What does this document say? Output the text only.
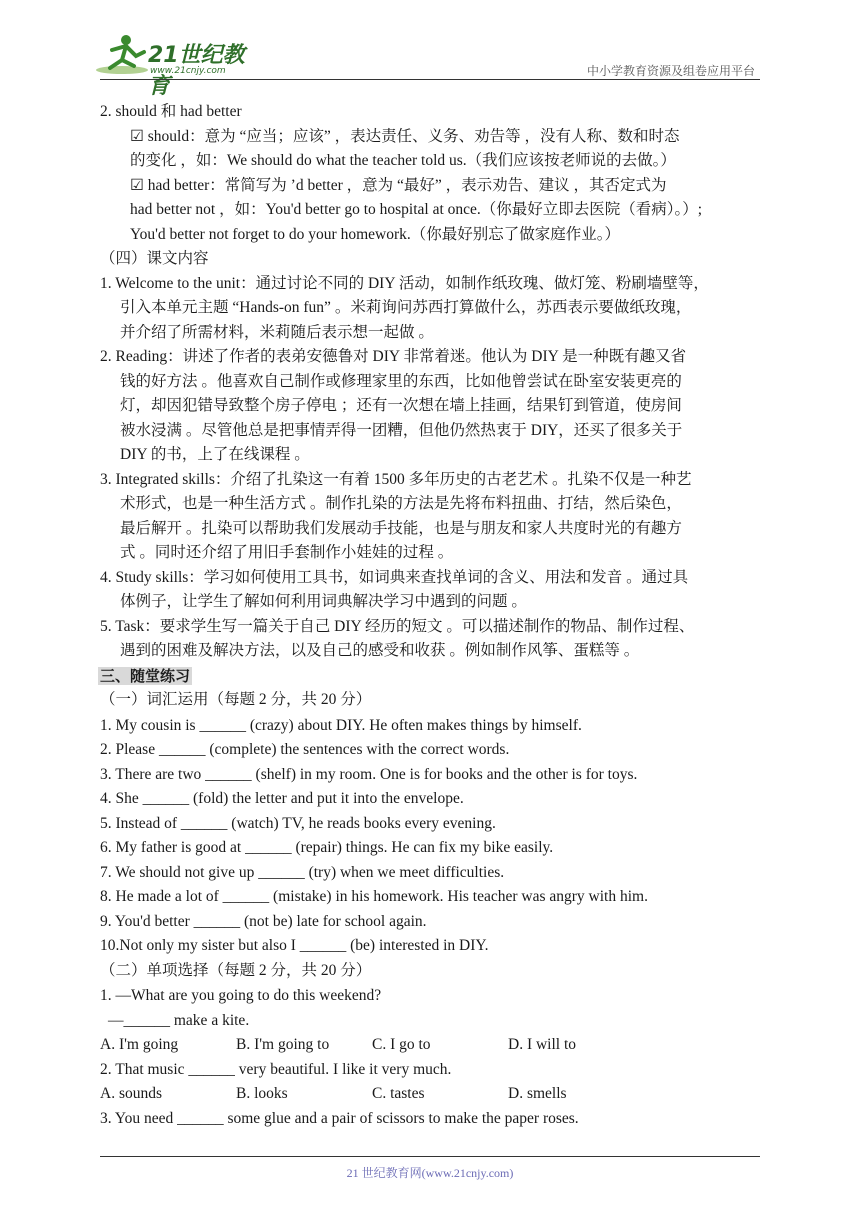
21世纪教育
www.21cnjy.com	中小学教育资源及组卷应用平台
2. should 和 had better
☑ should：意为 “应当；应该” ，表达责任、义务、劝告等 ，没有人称、数和时态
的变化 ，如：We should do what the teacher told us.（我们应该按老师说的去做。）
☑ had better：常简写为 ’d better ，意为 “最好” ，表示劝告、建议 ，其否定式为
had better not ，如：You'd better go to hospital at once.（你最好立即去医院（看病）。）;
You'd better not forget to do your homework.（你最好别忘了做家庭作业。）
（四）课文内容
1. Welcome to the unit：通过讨论不同的 DIY 活动，如制作纸玫瑰、做灯笼、粉刷墙壁等，
引入本单元主题 “Hands-on fun” 。米莉询问苏西打算做什么，苏西表示要做纸玫瑰，
并介绍了所需材料，米莉随后表示想一起做 。
2. Reading：讲述了作者的表弟安德鲁对 DIY 非常着迷。他认为 DIY 是一种既有趣又省
钱的好方法 。他喜欢自己制作或修理家里的东西，比如他曾尝试在卧室安装更亮的
灯，却因犯错导致整个房子停电 ；还有一次想在墙上挂画，结果钉到管道，使房间
被水浸满 。尽管他总是把事情弄得一团糟，但他仍然热衷于 DIY，还买了很多关于
DIY 的书，上了在线课程 。
3. Integrated skills：介绍了扎染这一有着 1500 多年历史的古老艺术 。扎染不仅是一种艺
术形式，也是一种生活方式 。制作扎染的方法是先将布料扭曲、打结，然后染色，
最后解开 。扎染可以帮助我们发展动手技能，也是与朋友和家人共度时光的有趣方
式 。同时还介绍了用旧手套制作小娃娃的过程 。
4. Study skills：学习如何使用工具书，如词典来查找单词的含义、用法和发音 。通过具
体例子，让学生了解如何利用词典解决学习中遇到的问题 。
5. Task：要求学生写一篇关于自己 DIY 经历的短文 。可以描述制作的物品、制作过程、
遇到的困难及解决方法，以及自己的感受和收获 。例如制作风筝、蛋糕等 。
三、随堂练习
（一）词汇运用（每题 2 分，共 20 分）
1. My cousin is ______ (crazy) about DIY. He often makes things by himself.
2. Please ______ (complete) the sentences with the correct words.
3. There are two ______ (shelf) in my room. One is for books and the other is for toys.
4. She ______ (fold) the letter and put it into the envelope.
5. Instead of ______ (watch) TV, he reads books every evening.
6. My father is good at ______ (repair) things. He can fix my bike easily.
7. We should not give up ______ (try) when we meet difficulties.
8. He made a lot of ______ (mistake) in his homework. His teacher was angry with him.
9. You'd better ______ (not be) late for school again.
10.Not only my sister but also I ______ (be) interested in DIY.
（二）单项选择（每题 2 分，共 20 分）
1. —What are you going to do this weekend?
—______ make a kite.
A. I'm going	B. I'm going to	C. I go to	D. I will to
2. That music ______ very beautiful. I like it very much.
A. sounds	B. looks	C. tastes	D. smells
3. You need ______ some glue and a pair of scissors to make the paper roses.
21 世纪教育网(www.21cnjy.com)
